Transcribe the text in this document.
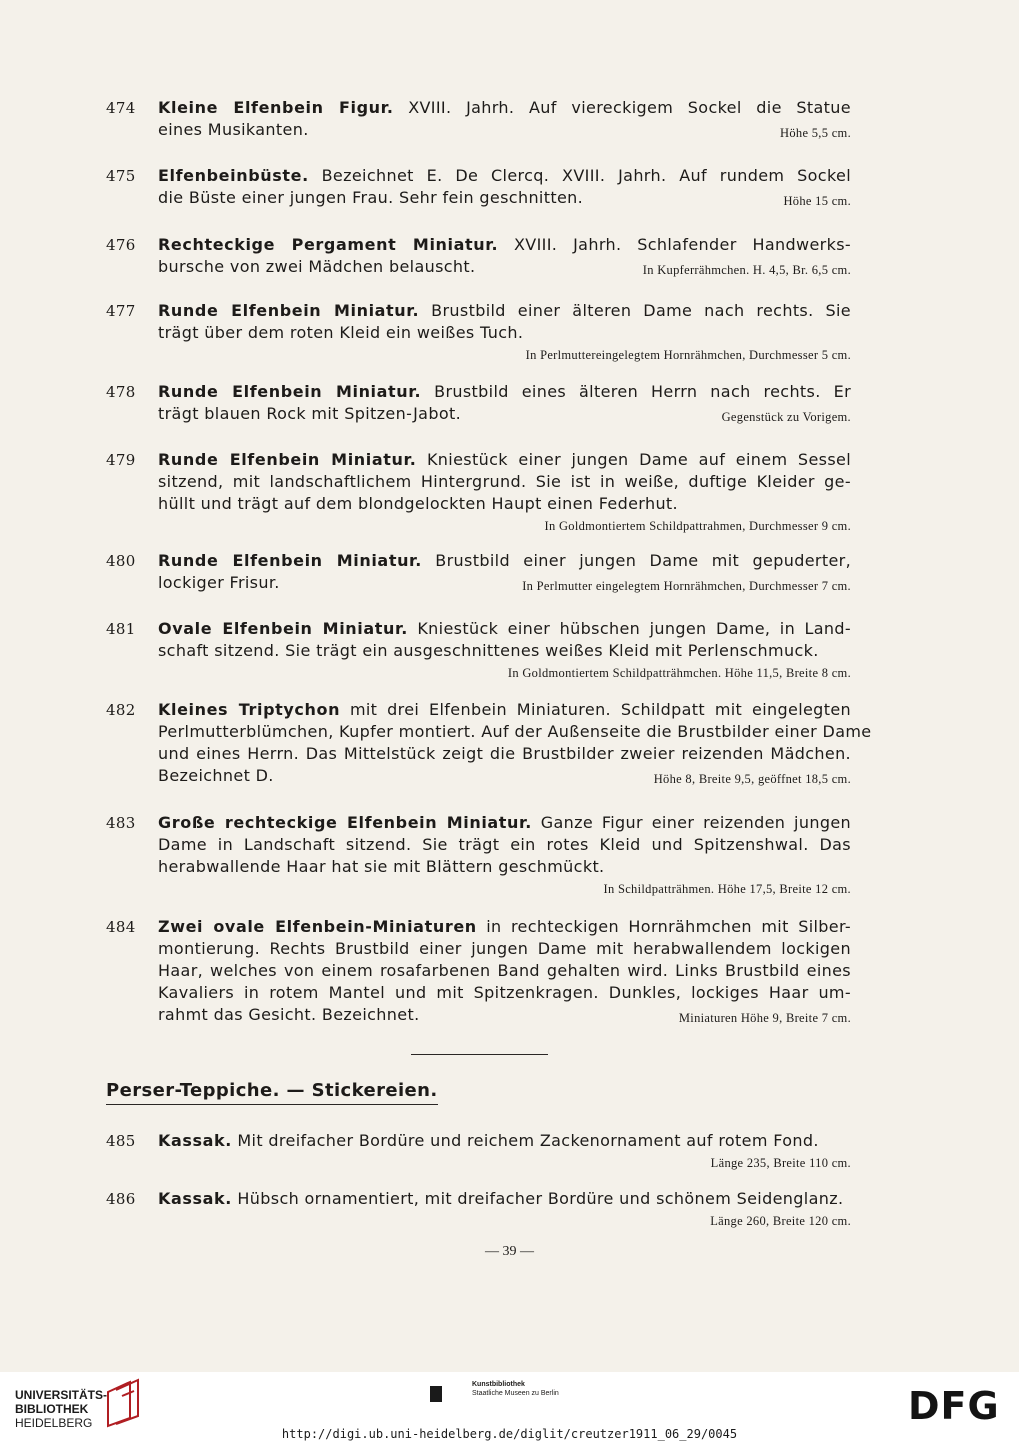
474	Kleine Elfenbein Figur. XVIII. Jahrh. Auf viereckigem Sockel die Statue
eines Musikanten.	Höhe 5,5 cm.
475	Elfenbeinbüste. Bezeichnet E. De Clercq. XVIII. Jahrh. Auf rundem Sockel
die Büste einer jungen Frau. Sehr fein geschnitten.	Höhe 15 cm.
476	Rechteckige Pergament Miniatur. XVIII. Jahrh. Schlafender Handwerks-
bursche von zwei Mädchen belauscht.	In Kupferrähmchen. H. 4,5, Br. 6,5 cm.
477	Runde Elfenbein Miniatur. Brustbild einer älteren Dame nach rechts. Sie
trägt über dem roten Kleid ein weißes Tuch.
In Perlmuttereingelegtem Hornrähmchen, Durchmesser 5 cm.
478	Runde Elfenbein Miniatur. Brustbild eines älteren Herrn nach rechts. Er
trägt blauen Rock mit Spitzen-Jabot.	Gegenstück zu Vorigem.
479	Runde Elfenbein Miniatur. Kniestück einer jungen Dame auf einem Sessel
sitzend, mit landschaftlichem Hintergrund. Sie ist in weiße, duftige Kleider ge-
hüllt und trägt auf dem blondgelockten Haupt einen Federhut.
In Goldmontiertem Schildpattrahmen, Durchmesser 9 cm.
480	Runde Elfenbein Miniatur. Brustbild einer jungen Dame mit gepuderter,
lockiger Frisur.	In Perlmutter eingelegtem Hornrähmchen, Durchmesser 7 cm.
481	Ovale Elfenbein Miniatur. Kniestück einer hübschen jungen Dame, in Land-
schaft sitzend. Sie trägt ein ausgeschnittenes weißes Kleid mit Perlenschmuck.
In Goldmontiertem Schildpatträhmchen. Höhe 11,5, Breite 8 cm.
482	Kleines Triptychon mit drei Elfenbein Miniaturen. Schildpatt mit eingelegten
Perlmutterblümchen, Kupfer montiert. Auf der Außenseite die Brustbilder einer Dame
und eines Herrn. Das Mittelstück zeigt die Brustbilder zweier reizenden Mädchen.
Bezeichnet D.	Höhe 8, Breite 9,5, geöffnet 18,5 cm.
483	Große rechteckige Elfenbein Miniatur. Ganze Figur einer reizenden jungen
Dame in Landschaft sitzend. Sie trägt ein rotes Kleid und Spitzenshwal. Das
herabwallende Haar hat sie mit Blättern geschmückt.
In Schildpatträhmen. Höhe 17,5, Breite 12 cm.
484	Zwei ovale Elfenbein-Miniaturen in rechteckigen Hornrähmchen mit Silber-
montierung. Rechts Brustbild einer jungen Dame mit herabwallendem lockigen
Haar, welches von einem rosafarbenen Band gehalten wird. Links Brustbild eines
Kavaliers in rotem Mantel und mit Spitzenkragen. Dunkles, lockiges Haar um-
rahmt das Gesicht. Bezeichnet.	Miniaturen Höhe 9, Breite 7 cm.
Perser-Teppiche. — Stickereien.
485	Kassak. Mit dreifacher Bordüre und reichem Zackenornament auf rotem Fond.
Länge 235, Breite 110 cm.
486	Kassak. Hübsch ornamentiert, mit dreifacher Bordüre und schönem Seidenglanz.
Länge 260, Breite 120 cm.
— 39 —
UNIVERSITÄTS-
BIBLIOTHEK
HEIDELBERG
Kunstbibliothek
Staatliche Museen zu Berlin	DFG
http://digi.ub.uni-heidelberg.de/diglit/creutzer1911_06_29/0045
